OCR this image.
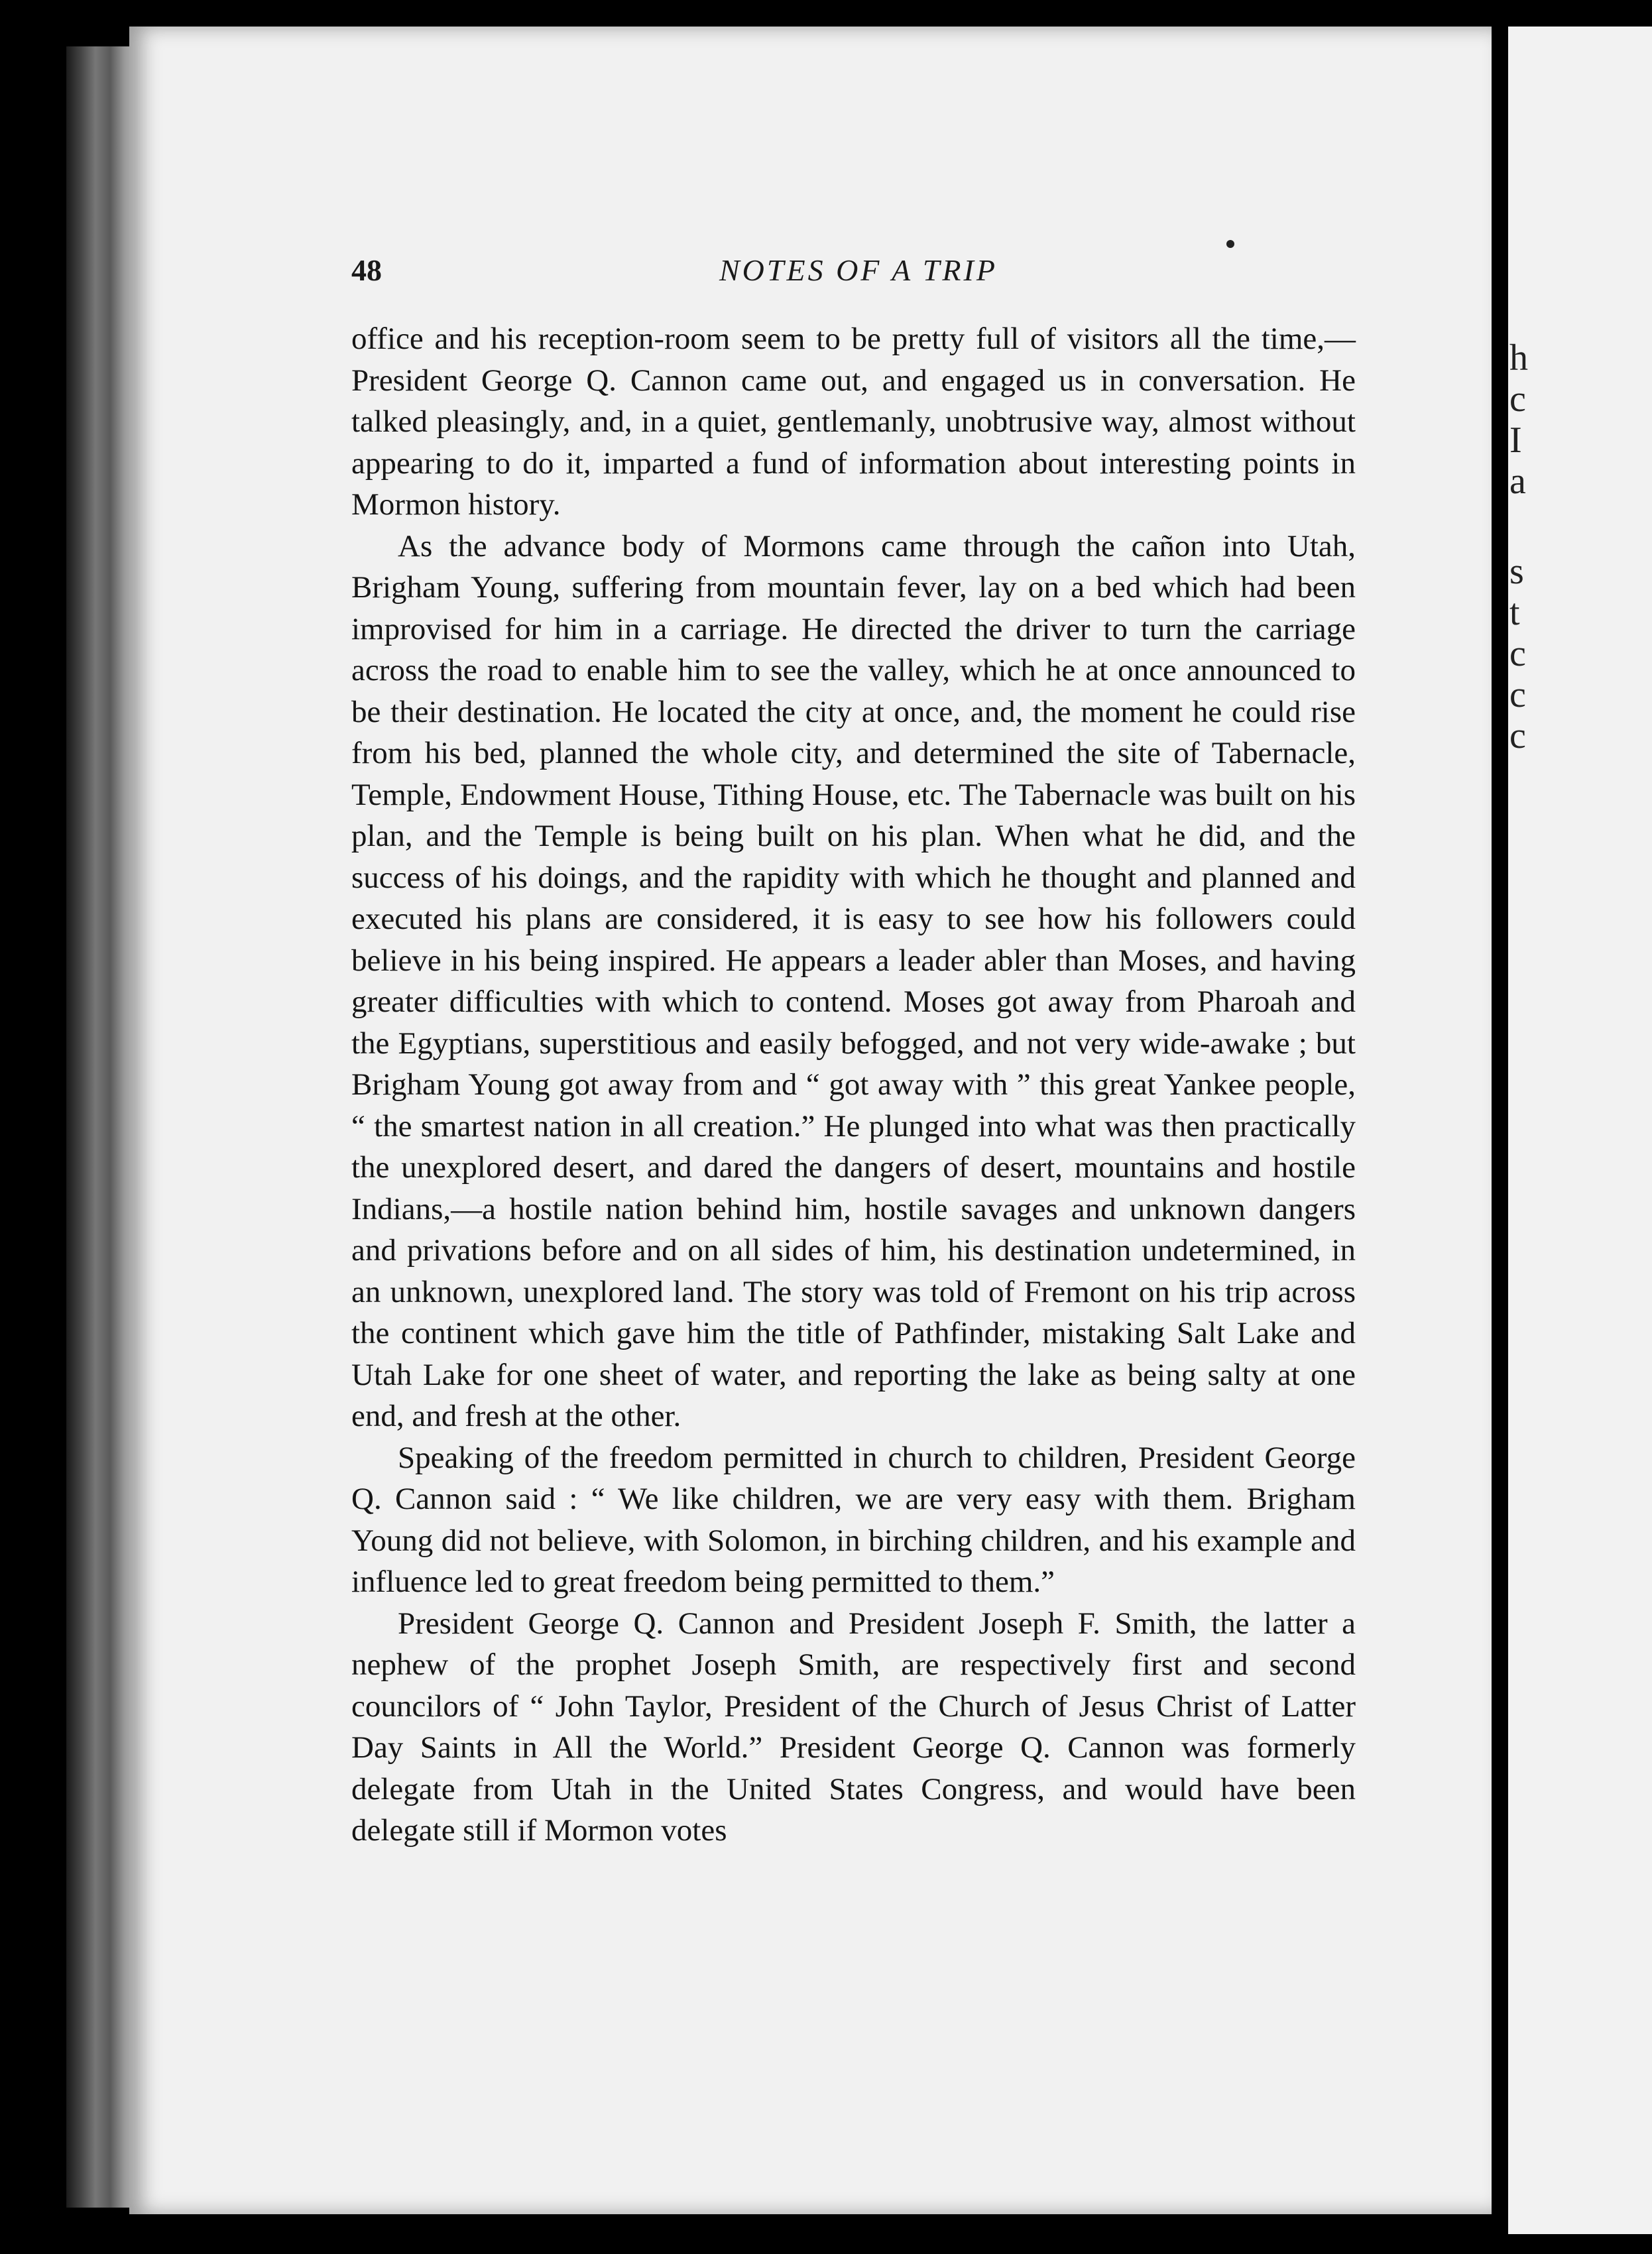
h
c
I
a
s
t
c
c
c
48	NOTES OF A TRIP

office and his reception-room seem to be pretty full of visitors all the time,—President George Q. Cannon came out, and engaged us in conversation. He talked pleasingly, and, in a quiet, gentlemanly, unobtrusive way, almost without appearing to do it, imparted a fund of information about interesting points in Mormon history.

As the advance body of Mormons came through the cañon into Utah, Brigham Young, suffering from mountain fever, lay on a bed which had been improvised for him in a carriage. He directed the driver to turn the carriage across the road to enable him to see the valley, which he at once announced to be their destination. He located the city at once, and, the moment he could rise from his bed, planned the whole city, and determined the site of Tabernacle, Temple, Endowment House, Tithing House, etc. The Tabernacle was built on his plan, and the Temple is being built on his plan. When what he did, and the success of his doings, and the rapidity with which he thought and planned and executed his plans are considered, it is easy to see how his followers could believe in his being inspired. He appears a leader abler than Moses, and having greater difficulties with which to contend. Moses got away from Pharoah and the Egyptians, superstitious and easily befogged, and not very wide-awake ; but Brigham Young got away from and “ got away with ” this great Yankee people, “ the smartest nation in all creation.” He plunged into what was then practically the unexplored desert, and dared the dangers of desert, mountains and hostile Indians,—a hostile nation behind him, hostile savages and unknown dangers and privations before and on all sides of him, his destination undetermined, in an unknown, unexplored land. The story was told of Fremont on his trip across the continent which gave him the title of Pathfinder, mistaking Salt Lake and Utah Lake for one sheet of water, and reporting the lake as being salty at one end, and fresh at the other.

Speaking of the freedom permitted in church to children, President George Q. Cannon said : “ We like children, we are very easy with them. Brigham Young did not believe, with Solomon, in birching children, and his example and influence led to great freedom being permitted to them.”

President George Q. Cannon and President Joseph F. Smith, the latter a nephew of the prophet Joseph Smith, are respectively first and second councilors of “ John Taylor, President of the Church of Jesus Christ of Latter Day Saints in All the World.” President George Q. Cannon was formerly delegate from Utah in the United States Congress, and would have been delegate still if Mormon votes
